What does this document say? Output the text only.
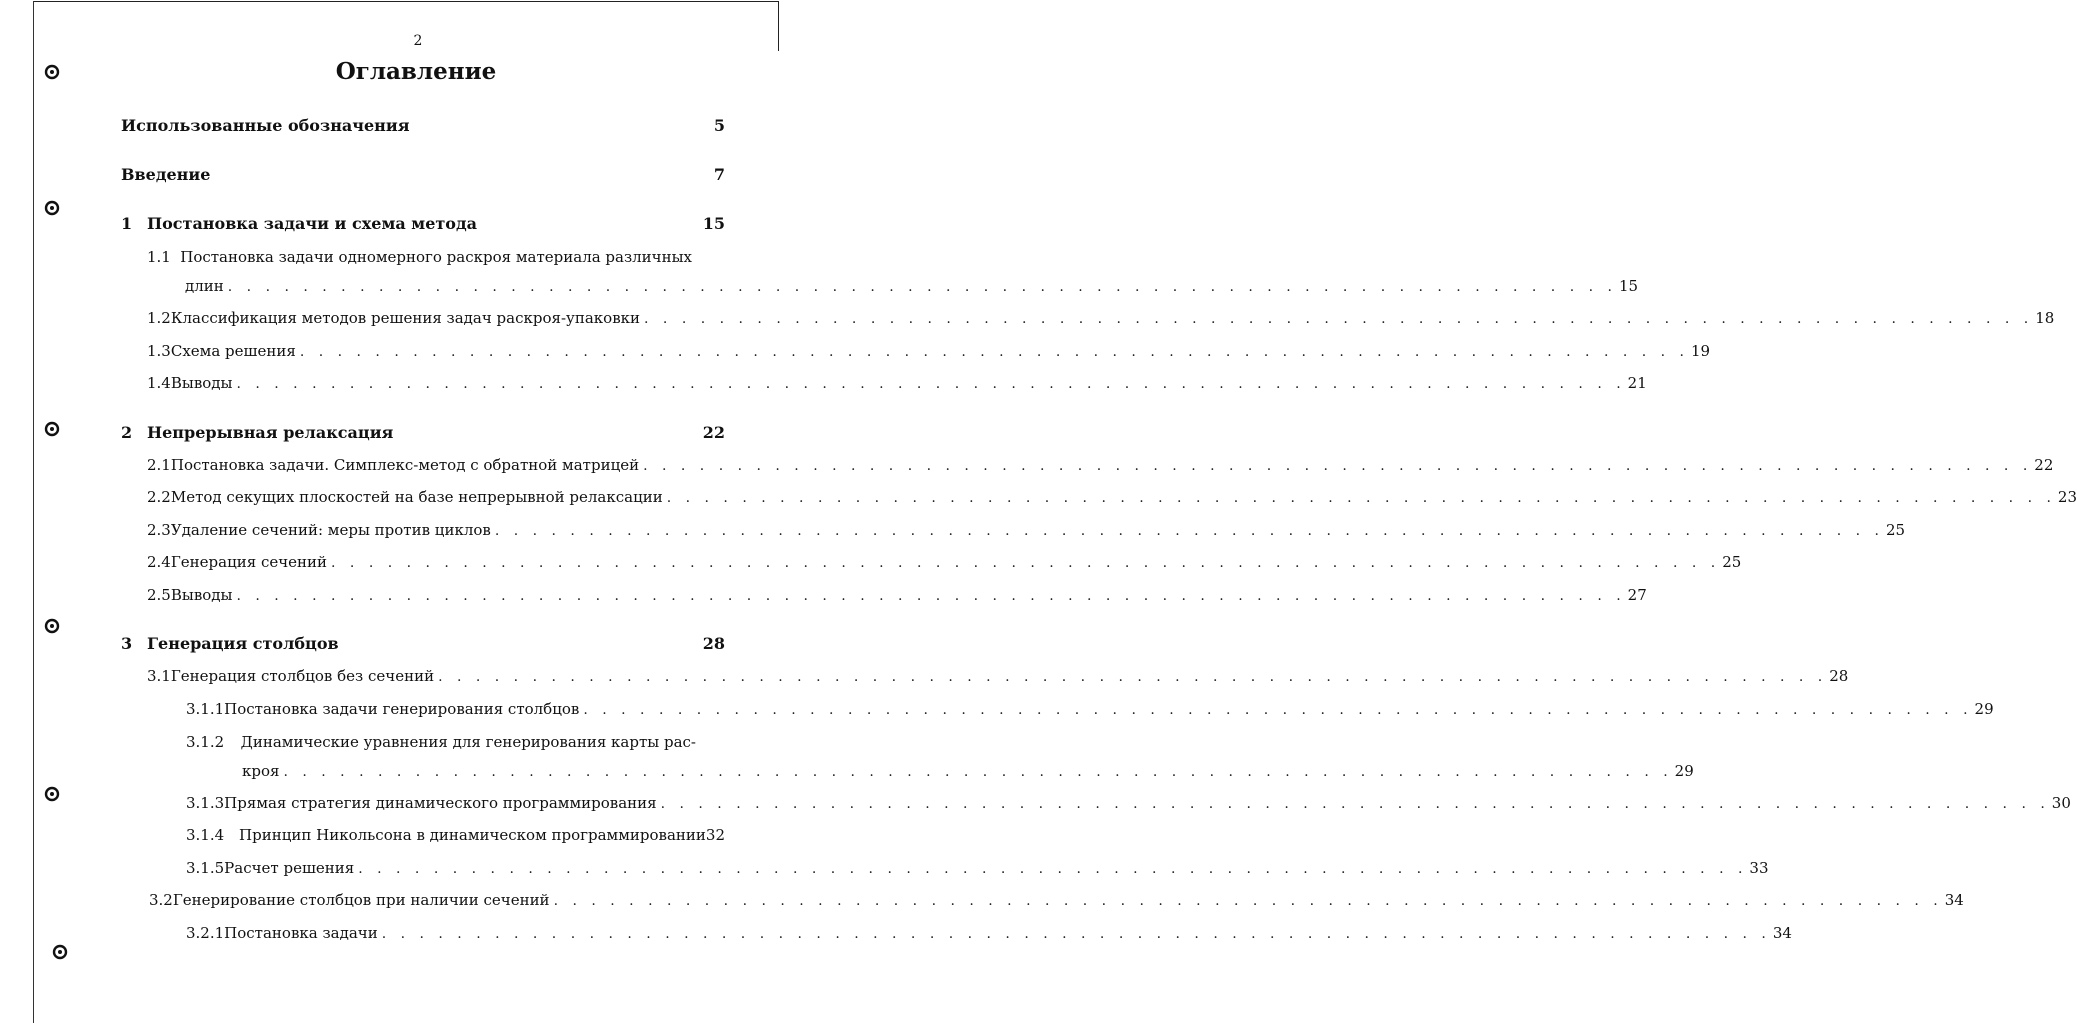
2
Оглавление
Использованные обозначения	5
Введение	7
1 Постановка задачи и схема метода	15
1.1 Постановка задачи одномерного раскроя материала различных
длин . . . . . . . . . . . . . . . . . . . . . . . . . . . . . . . . . . . . . . . . . . . . . . . . . . . . . . . . . . . . . . . . . . . . . . . . . . 15
1.2 Классификация методов решения задач раскроя-упаковки . . . . . . . . . . . . . . . . . . . . . . . . . . . . . . . . . . . . . . . . . . . . . . . . . . . . . . . . . . . . . . . . . . . . . . . . . . 18
1.3 Схема решения . . . . . . . . . . . . . . . . . . . . . . . . . . . . . . . . . . . . . . . . . . . . . . . . . . . . . . . . . . . . . . . . . . . . . . . . . . 19
1.4 Выводы . . . . . . . . . . . . . . . . . . . . . . . . . . . . . . . . . . . . . . . . . . . . . . . . . . . . . . . . . . . . . . . . . . . . . . . . . . 21
2 Непрерывная релаксация	22
2.1 Постановка задачи. Симплекс-метод с обратной матрицей . . . . . . . . . . . . . . . . . . . . . . . . . . . . . . . . . . . . . . . . . . . . . . . . . . . . . . . . . . . . . . . . . . . . . . . . . . 22
2.2 Метод секущих плоскостей на базе непрерывной релаксации . . . . . . . . . . . . . . . . . . . . . . . . . . . . . . . . . . . . . . . . . . . . . . . . . . . . . . . . . . . . . . . . . . . . . . . . . . 23
2.3 Удаление сечений: меры против циклов . . . . . . . . . . . . . . . . . . . . . . . . . . . . . . . . . . . . . . . . . . . . . . . . . . . . . . . . . . . . . . . . . . . . . . . . . . 25
2.4 Генерация сечений . . . . . . . . . . . . . . . . . . . . . . . . . . . . . . . . . . . . . . . . . . . . . . . . . . . . . . . . . . . . . . . . . . . . . . . . . . 25
2.5 Выводы . . . . . . . . . . . . . . . . . . . . . . . . . . . . . . . . . . . . . . . . . . . . . . . . . . . . . . . . . . . . . . . . . . . . . . . . . . 27
3 Генерация столбцов	28
3.1 Генерация столбцов без сечений . . . . . . . . . . . . . . . . . . . . . . . . . . . . . . . . . . . . . . . . . . . . . . . . . . . . . . . . . . . . . . . . . . . . . . . . . . 28
3.1.1 Постановка задачи генерирования столбцов . . . . . . . . . . . . . . . . . . . . . . . . . . . . . . . . . . . . . . . . . . . . . . . . . . . . . . . . . . . . . . . . . . . . . . . . . . 29
3.1.2	Динамические уравнения для генерирования карты рас-
кроя . . . . . . . . . . . . . . . . . . . . . . . . . . . . . . . . . . . . . . . . . . . . . . . . . . . . . . . . . . . . . . . . . . . . . . . . . . 29
3.1.3 Прямая стратегия динамического программирования . . . . . . . . . . . . . . . . . . . . . . . . . . . . . . . . . . . . . . . . . . . . . . . . . . . . . . . . . . . . . . . . . . . . . . . . . . 30
3.1.4 Принцип Никольсона в динамическом программировании 32
3.1.5 Расчет решения . . . . . . . . . . . . . . . . . . . . . . . . . . . . . . . . . . . . . . . . . . . . . . . . . . . . . . . . . . . . . . . . . . . . . . . . . . 33
3.2 Генерирование столбцов при наличии сечений . . . . . . . . . . . . . . . . . . . . . . . . . . . . . . . . . . . . . . . . . . . . . . . . . . . . . . . . . . . . . . . . . . . . . . . . . . 34
3.2.1 Постановка задачи . . . . . . . . . . . . . . . . . . . . . . . . . . . . . . . . . . . . . . . . . . . . . . . . . . . . . . . . . . . . . . . . . . . . . . . . . . 34
